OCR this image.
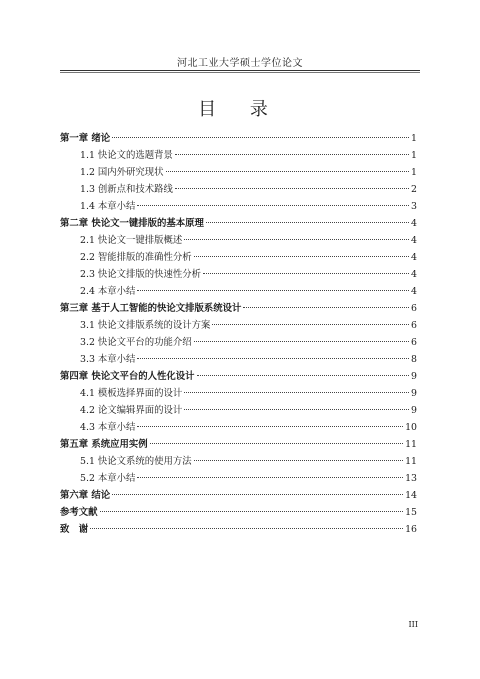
河北工业大学硕士学位论文
目 录
第一章 绪论	1
1.1 快论文的选题背景	1
1.2 国内外研究现状	1
1.3 创新点和技术路线	2
1.4 本章小结	3
第二章 快论文一键排版的基本原理	4
2.1 快论文一键排版概述	4
2.2 智能排版的准确性分析	4
2.3 快论文排版的快速性分析	4
2.4 本章小结	4
第三章 基于人工智能的快论文排版系统设计	6
3.1 快论文排版系统的设计方案	6
3.2 快论文平台的功能介绍	6
3.3 本章小结	8
第四章 快论文平台的人性化设计	9
4.1 模板选择界面的设计	9
4.2 论文编辑界面的设计	9
4.3 本章小结	10
第五章 系统应用实例	11
5.1 快论文系统的使用方法	11
5.2 本章小结	13
第六章 结论	14
参考文献	15
致　谢	16
III
